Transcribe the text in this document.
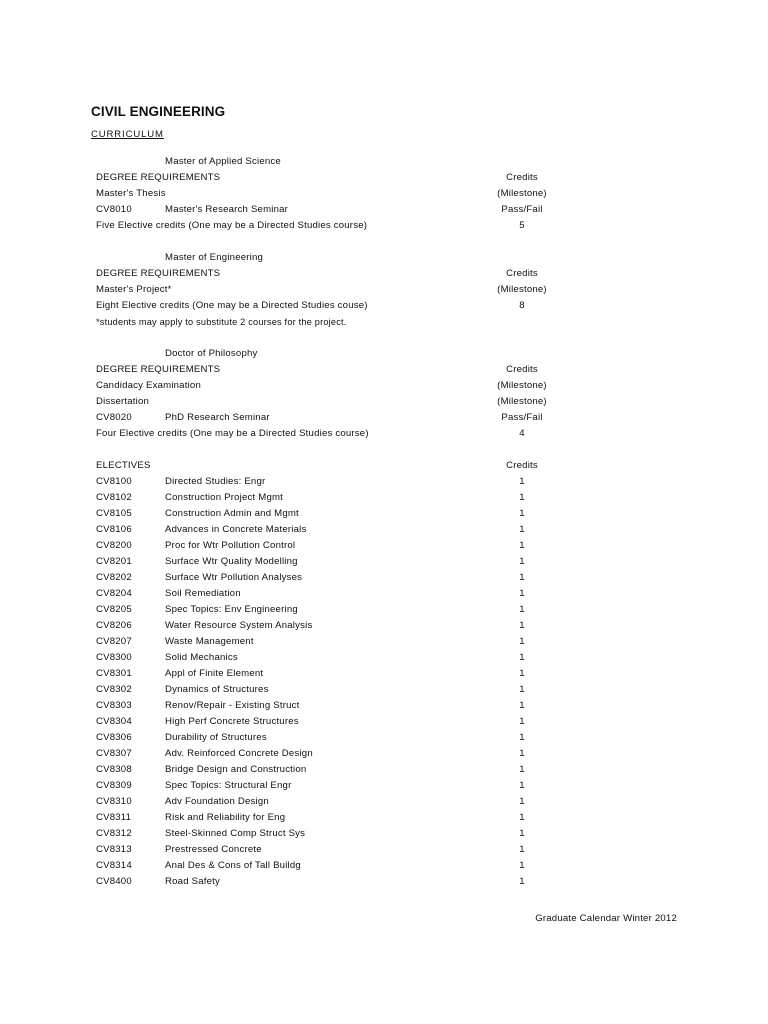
CIVIL ENGINEERING
CURRICULUM
Master of Applied Science
DEGREE REQUIREMENTS	Credits
Master's Thesis	(Milestone)
CV8010	Master's Research Seminar	Pass/Fail
Five Elective credits (One may be a Directed Studies course)	5
Master of Engineering
DEGREE REQUIREMENTS	Credits
Master's Project*	(Milestone)
Eight Elective credits (One may be a Directed Studies couse)	8
*students may apply to substitute 2 courses for the project.
Doctor of Philosophy
DEGREE REQUIREMENTS	Credits
Candidacy Examination	(Milestone)
Dissertation	(Milestone)
CV8020	PhD Research Seminar	Pass/Fail
Four Elective credits (One may be a Directed Studies course)	4
ELECTIVES	Credits
CV8100	Directed Studies: Engr	1
CV8102	Construction Project Mgmt	1
CV8105	Construction Admin and Mgmt	1
CV8106	Advances in Concrete Materials	1
CV8200	Proc for Wtr Pollution Control	1
CV8201	Surface Wtr Quality Modelling	1
CV8202	Surface Wtr Pollution Analyses	1
CV8204	Soil Remediation	1
CV8205	Spec Topics: Env Engineering	1
CV8206	Water Resource System Analysis	1
CV8207	Waste Management	1
CV8300	Solid Mechanics	1
CV8301	Appl of Finite Element	1
CV8302	Dynamics of Structures	1
CV8303	Renov/Repair - Existing Struct	1
CV8304	High Perf Concrete Structures	1
CV8306	Durability of Structures	1
CV8307	Adv. Reinforced Concrete Design	1
CV8308	Bridge Design and Construction	1
CV8309	Spec Topics: Structural Engr	1
CV8310	Adv Foundation Design	1
CV8311	Risk and Reliability for Eng	1
CV8312	Steel-Skinned Comp Struct Sys	1
CV8313	Prestressed Concrete	1
CV8314	Anal Des & Cons of Tall Buildg	1
CV8400	Road Safety	1
Graduate Calendar Winter 2012
